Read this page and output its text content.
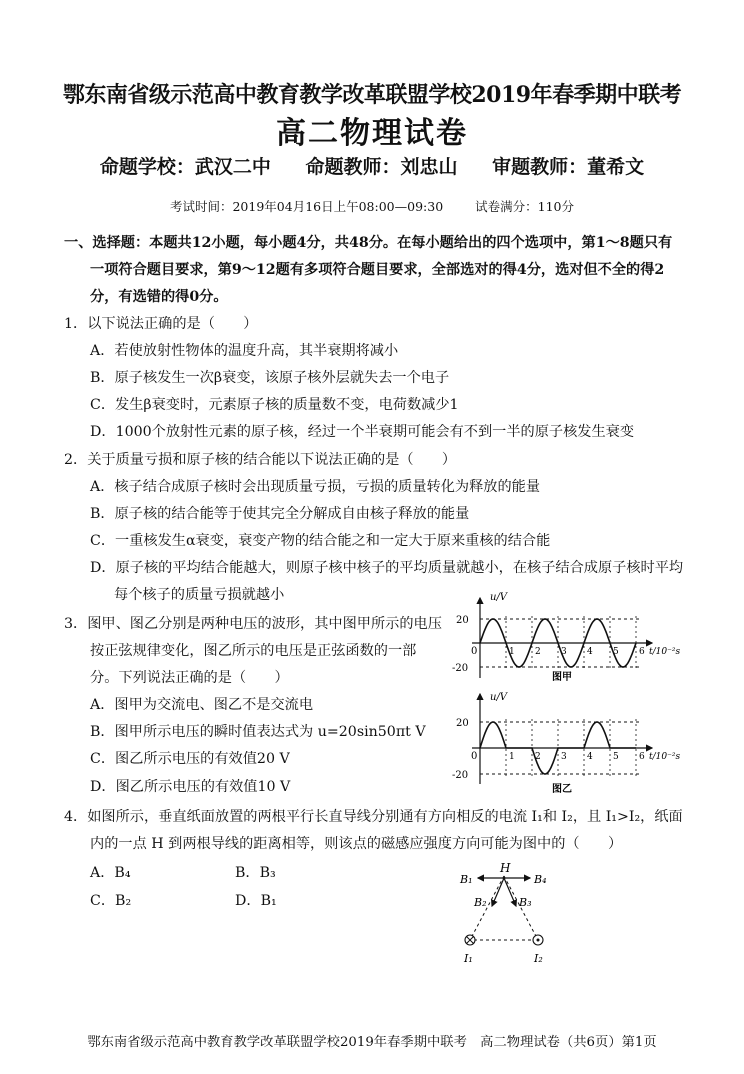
鄂东南省级示范高中教育教学改革联盟学校2019年春季期中联考
高二物理试卷
命题学校：武汉二中 命题教师：刘忠山 审题教师：董希文
考试时间：2019年04月16日上午08:00—09:30	试卷满分：110分
一、选择题：本题共12小题，每小题4分，共48分。在每小题给出的四个选项中，第1～8题只有
一项符合题目要求，第9～12题有多项符合题目要求，全部选对的得4分，选对但不全的得2
分，有选错的得0分。
1．以下说法正确的是（　　）
A．若使放射性物体的温度升高，其半衰期将减小
B．原子核发生一次β衰变，该原子核外层就失去一个电子
C．发生β衰变时，元素原子核的质量数不变，电荷数减少1
D．1000个放射性元素的原子核，经过一个半衰期可能会有不到一半的原子核发生衰变
2．关于质量亏损和原子核的结合能以下说法正确的是（　　）
A．核子结合成原子核时会出现质量亏损，亏损的质量转化为释放的能量
B．原子核的结合能等于使其完全分解成自由核子释放的能量
C．一重核发生α衰变，衰变产物的结合能之和一定大于原来重核的结合能
D．原子核的平均结合能越大，则原子核中核子的平均质量就越小，在核子结合成原子核时平均
每个核子的质量亏损就越小
3．图甲、图乙分别是两种电压的波形，其中图甲所示的电压
按正弦规律变化，图乙所示的电压是正弦函数的一部
分。下列说法正确的是（　　）
A．图甲为交流电、图乙不是交流电
B．图甲所示电压的瞬时值表达式为 u=20sin50πt V
C．图乙所示电压的有效值20 V
D．图乙所示电压的有效值10 V
u/V
t/10⁻²s
20
-20
0	1 2 3 4 5 6
图甲
u/V
t/10⁻²s
20
-20
0	1 2 3 4 5 6
图乙
4．如图所示，垂直纸面放置的两根平行长直导线分别通有方向相反的电流 I₁和 I₂，且 I₁>I₂，纸面
内的一点 H 到两根导线的距离相等，则该点的磁感应强度方向可能为图中的（　　）
A．B₄	B．B₃
C．B₂	D．B₁
H
B₁	B₄
B₂	B₃
I₁	I₂
鄂东南省级示范高中教育教学改革联盟学校2019年春季期中联考　高二物理试卷（共6页）第1页
